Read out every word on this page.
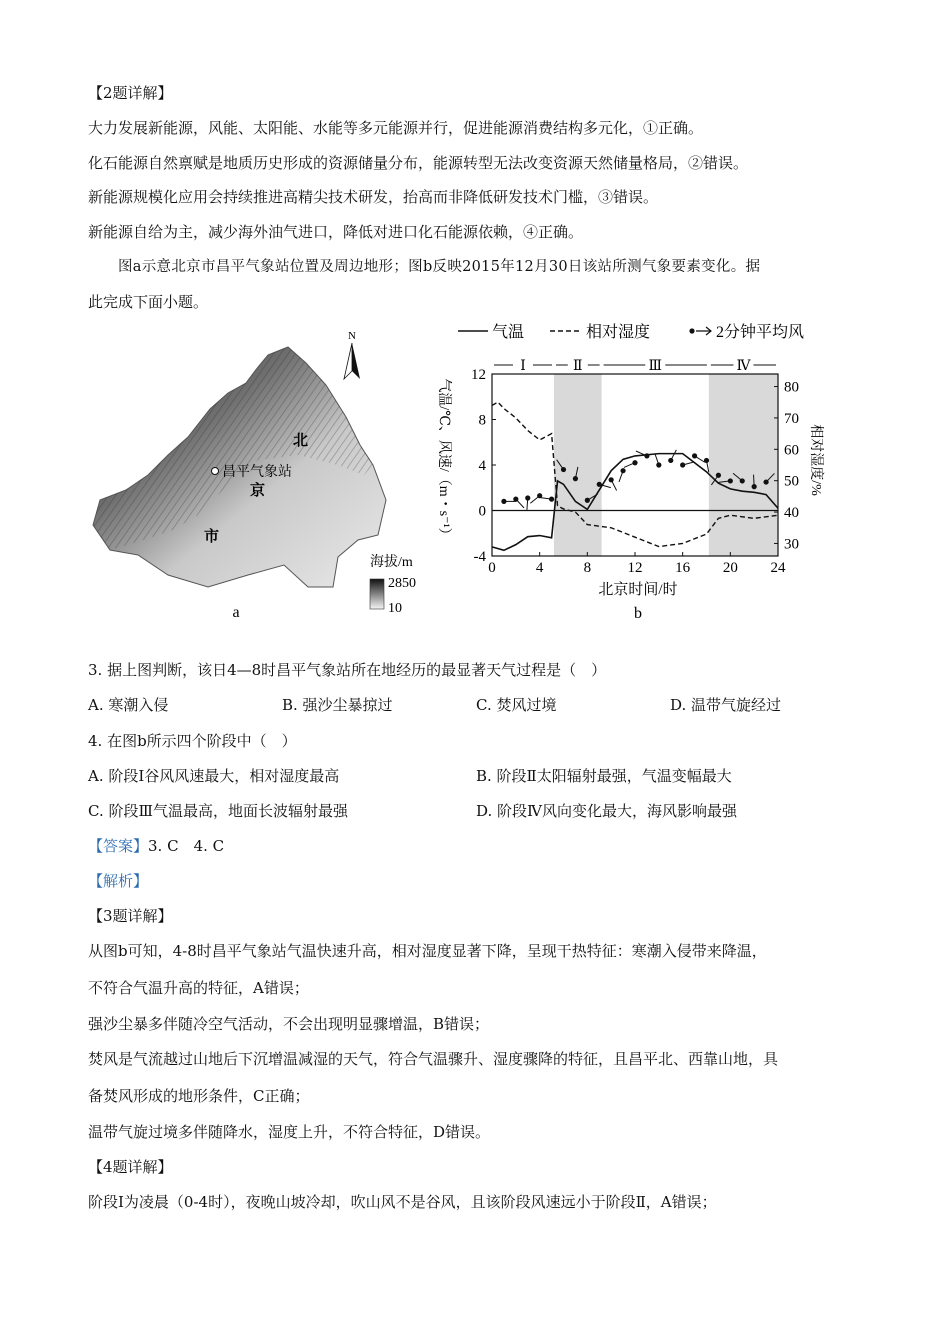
【2题详解】
大力发展新能源，风能、太阳能、水能等多元能源并行，促进能源消费结构多元化，①正确。
化石能源自然禀赋是地质历史形成的资源储量分布，能源转型无法改变资源天然储量格局，②错误。
新能源规模化应用会持续推进高精尖技术研发，抬高而非降低研发技术门槛，③错误。
新能源自给为主，减少海外油气进口，降低对进口化石能源依赖，④正确。
图a示意北京市昌平气象站位置及周边地形；图b反映2015年12月30日该站所测气象要素变化。据
此完成下面小题。
N
昌平气象站
北
京
市
海拔/m
2850
10
a
气温	相对湿度	2分钟平均风
Ⅰ	Ⅱ	Ⅲ	Ⅳ
0	4	8 12 16 20 24
-4
0
4
8
12
30
40
50
60
70
80
北京时间/时
b
气温/℃、风速/（m・s⁻¹）	相对湿度/%
3. 据上图判断，该日4—8时昌平气象站所在地经历的最显著天气过程是（　）
A. 寒潮入侵	B. 强沙尘暴掠过	C. 焚风过境	D. 温带气旋经过
4. 在图b所示四个阶段中（　）
A. 阶段Ⅰ谷风风速最大，相对湿度最高	B. 阶段Ⅱ太阳辐射最强，气温变幅最大
C. 阶段Ⅲ气温最高，地面长波辐射最强	D. 阶段Ⅳ风向变化最大，海风影响最强
【答案】3. C　4. C
【解析】
【3题详解】
从图b可知，4-8时昌平气象站气温快速升高，相对湿度显著下降，呈现干热特征：寒潮入侵带来降温，
不符合气温升高的特征，A错误；
强沙尘暴多伴随冷空气活动，不会出现明显骤增温，B错误；
焚风是气流越过山地后下沉增温减湿的天气，符合气温骤升、湿度骤降的特征，且昌平北、西靠山地，具
备焚风形成的地形条件，C正确；
温带气旋过境多伴随降水，湿度上升，不符合特征，D错误。
【4题详解】
阶段Ⅰ为凌晨（0-4时），夜晚山坡冷却，吹山风不是谷风，且该阶段风速远小于阶段Ⅱ，A错误；
